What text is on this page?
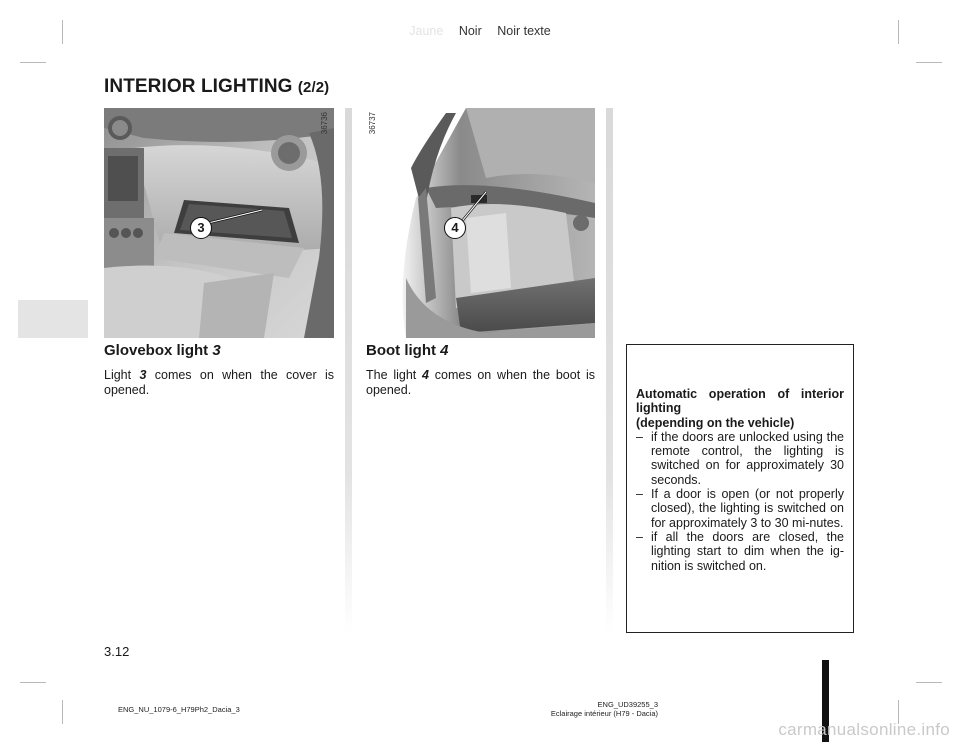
Jaune Noir Noir texte
INTERIOR LIGHTING (2/2)
36736
3
36737
4
Glovebox light 3

Light 3 comes on when the cover is opened.

Boot light 4

The light 4 comes on when the boot is opened.	Automatic operation of interior lighting
(depending on the vehicle)
– if the doors are unlocked using the remote control, the lighting is switched on for approximately 30 seconds.
– If a door is open (or not properly closed), the lighting is switched on for approximately 3 to 30 mi-nutes.
– if all the doors are closed, the lighting start to dim when the ig-nition is switched on.
3.12
ENG_NU_1079-6_H79Ph2_Dacia_3
ENG_UD39255_3
Eclairage intérieur (H79 - Dacia)
carmanualsonline.info
